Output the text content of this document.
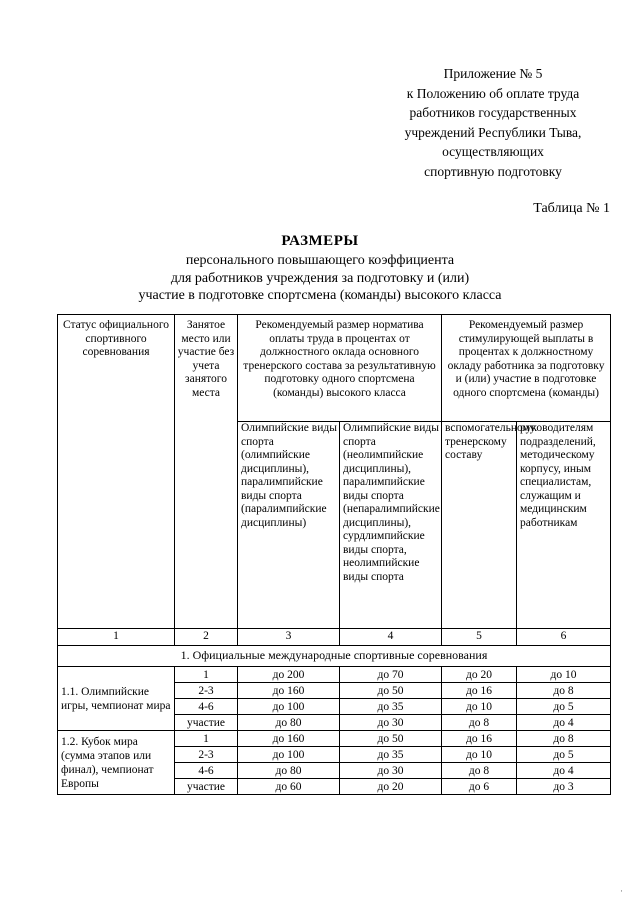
Приложение № 5
к Положению об оплате труда
работников государственных
учреждений Республики Тыва,
осуществляющих
спортивную подготовку
Таблица № 1
РАЗМЕРЫ
персонального повышающего коэффициента
для работников учреждения за подготовку и (или)
участие в подготовке спортсмена (команды) высокого класса
Статус официального спортивного соревнования	Занятое место или участие без учета занятого места	Рекомендуемый размер норматива оплаты труда в процентах от должностного оклада основного тренерского состава за результативную подготовку одного спортсмена (команды) высокого класса		Рекомендуемый размер стимулирующей выплаты в процентах к должностному окладу работника за подготовку и (или) участие в подготовке одного спортсмена (команды)	
		Олимпийские виды спорта (олимпийские дисциплины), паралимпийские виды спорта (паралимпийские дисциплины)	Олимпийские виды спорта (неолимпийские дисциплины), паралимпийские виды спорта (непаралимпийские дисциплины), сурдлимпийские виды спорта, неолимпийские виды спорта	вспомогательному тренерскому составу	руководителям подразделений, методическому корпусу, иным специалистам, служащим и медицинским работникам
1	2	3	4	5	6
1. Официальные международные спортивные соревнования					
1.1. Олимпийские игры, чемпионат мира	1	до 200	до 70	до 20	до 10
	2-3	до 160	до 50	до 16	до 8
	4-6	до 100	до 35	до 10	до 5
	участие	до 80	до 30	до 8	до 4
1.2. Кубок мира (сумма этапов или финал), чемпионат Европы	1	до 160	до 50	до 16	до 8
	2-3	до 100	до 35	до 10	до 5
	4-6	до 80	до 30	до 8	до 4
	участие	до 60	до 20	до 6	до 3
·
